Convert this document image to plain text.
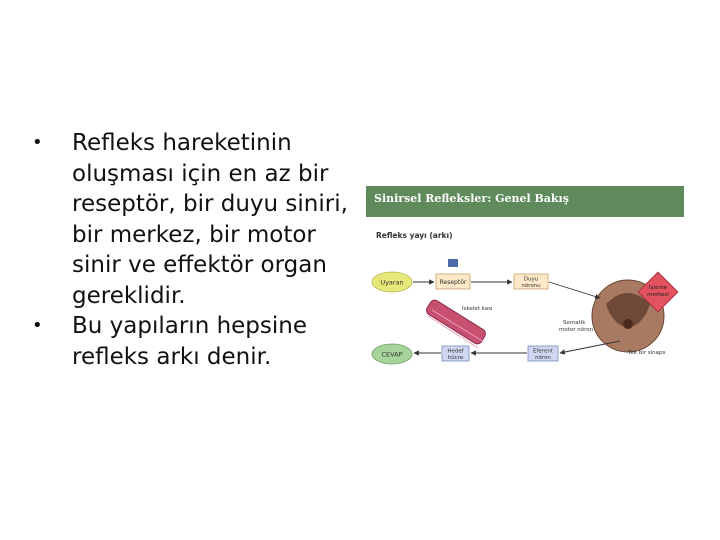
• Refleks hareketinin oluşması için en az bir reseptör, bir duyu siniri, bir merkez, bir motor sinir ve effektör organ gereklidir.
• Bu yapıların hepsine refleks arkı denir.
Sinirsel Refleksler: Genel Bakış
Refleks yayı (arkı)
Uyaran	Reseptör	Duyu
nöronu	İşleme
merkezi
İskelet kası
Somatik
motor nöron
CEVAP	Hedef
hücre
Eferent
nöron
Tek bir sinaps
